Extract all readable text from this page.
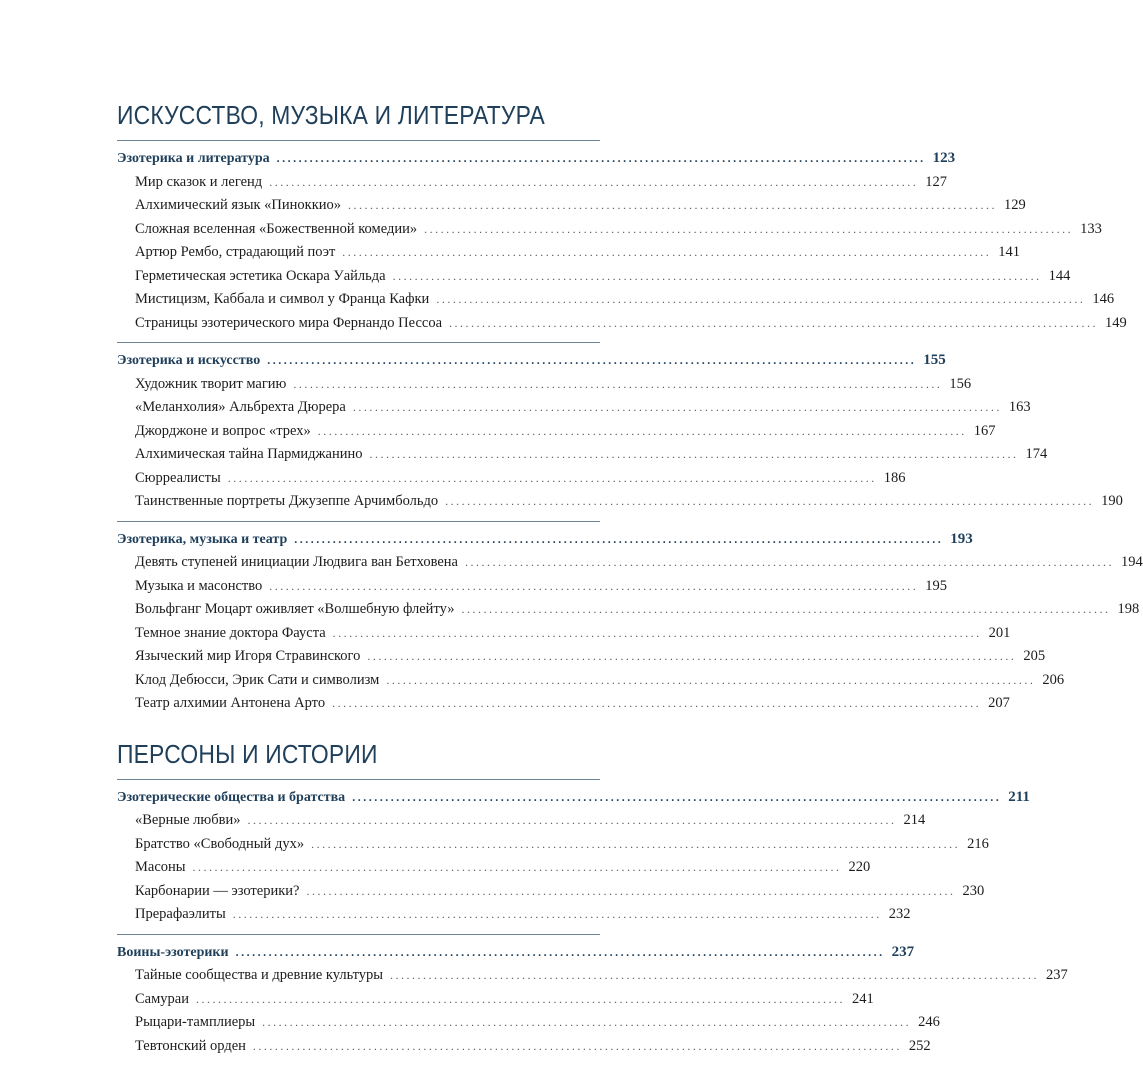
ИСКУССТВО, МУЗЫКА И ЛИТЕРАТУРА
Эзотерика и литература ...................................................................................................................... 123
Мир сказок и легенд ...................................................................................................................... 127
Алхимический язык «Пиноккио» ...................................................................................................................... 129
Сложная вселенная «Божественной комедии» ...................................................................................................................... 133
Артюр Рембо, страдающий поэт ...................................................................................................................... 141
Герметическая эстетика Оскара Уайльда ...................................................................................................................... 144
Мистицизм, Каббала и символ у Франца Кафки ...................................................................................................................... 146
Страницы эзотерического мира Фернандо Пессоа ...................................................................................................................... 149
Эзотерика и искусство ...................................................................................................................... 155
Художник творит магию ...................................................................................................................... 156
«Меланхолия» Альбрехта Дюрера ...................................................................................................................... 163
Джорджоне и вопрос «трех» ...................................................................................................................... 167
Алхимическая тайна Пармиджанино ...................................................................................................................... 174
Сюрреалисты ...................................................................................................................... 186
Таинственные портреты Джузеппе Арчимбольдо ...................................................................................................................... 190
Эзотерика, музыка и театр ...................................................................................................................... 193
Девять ступеней инициации Людвига ван Бетховена ...................................................................................................................... 194
Музыка и масонство ...................................................................................................................... 195
Вольфганг Моцарт оживляет «Волшебную флейту» ...................................................................................................................... 198
Темное знание доктора Фауста ...................................................................................................................... 201
Языческий мир Игоря Стравинского ...................................................................................................................... 205
Клод Дебюсси, Эрик Сати и символизм ...................................................................................................................... 206
Театр алхимии Антонена Арто ...................................................................................................................... 207
ПЕРСОНЫ И ИСТОРИИ
Эзотерические общества и братства ...................................................................................................................... 211
«Верные любви» ...................................................................................................................... 214
Братство «Свободный дух» ...................................................................................................................... 216
Масоны ...................................................................................................................... 220
Карбонарии — эзотерики? ...................................................................................................................... 230
Прерафаэлиты ...................................................................................................................... 232
Воины-эзотерики ...................................................................................................................... 237
Тайные сообщества и древние культуры ...................................................................................................................... 237
Самураи ...................................................................................................................... 241
Рыцари-тамплиеры ...................................................................................................................... 246
Тевтонский орден ...................................................................................................................... 252
